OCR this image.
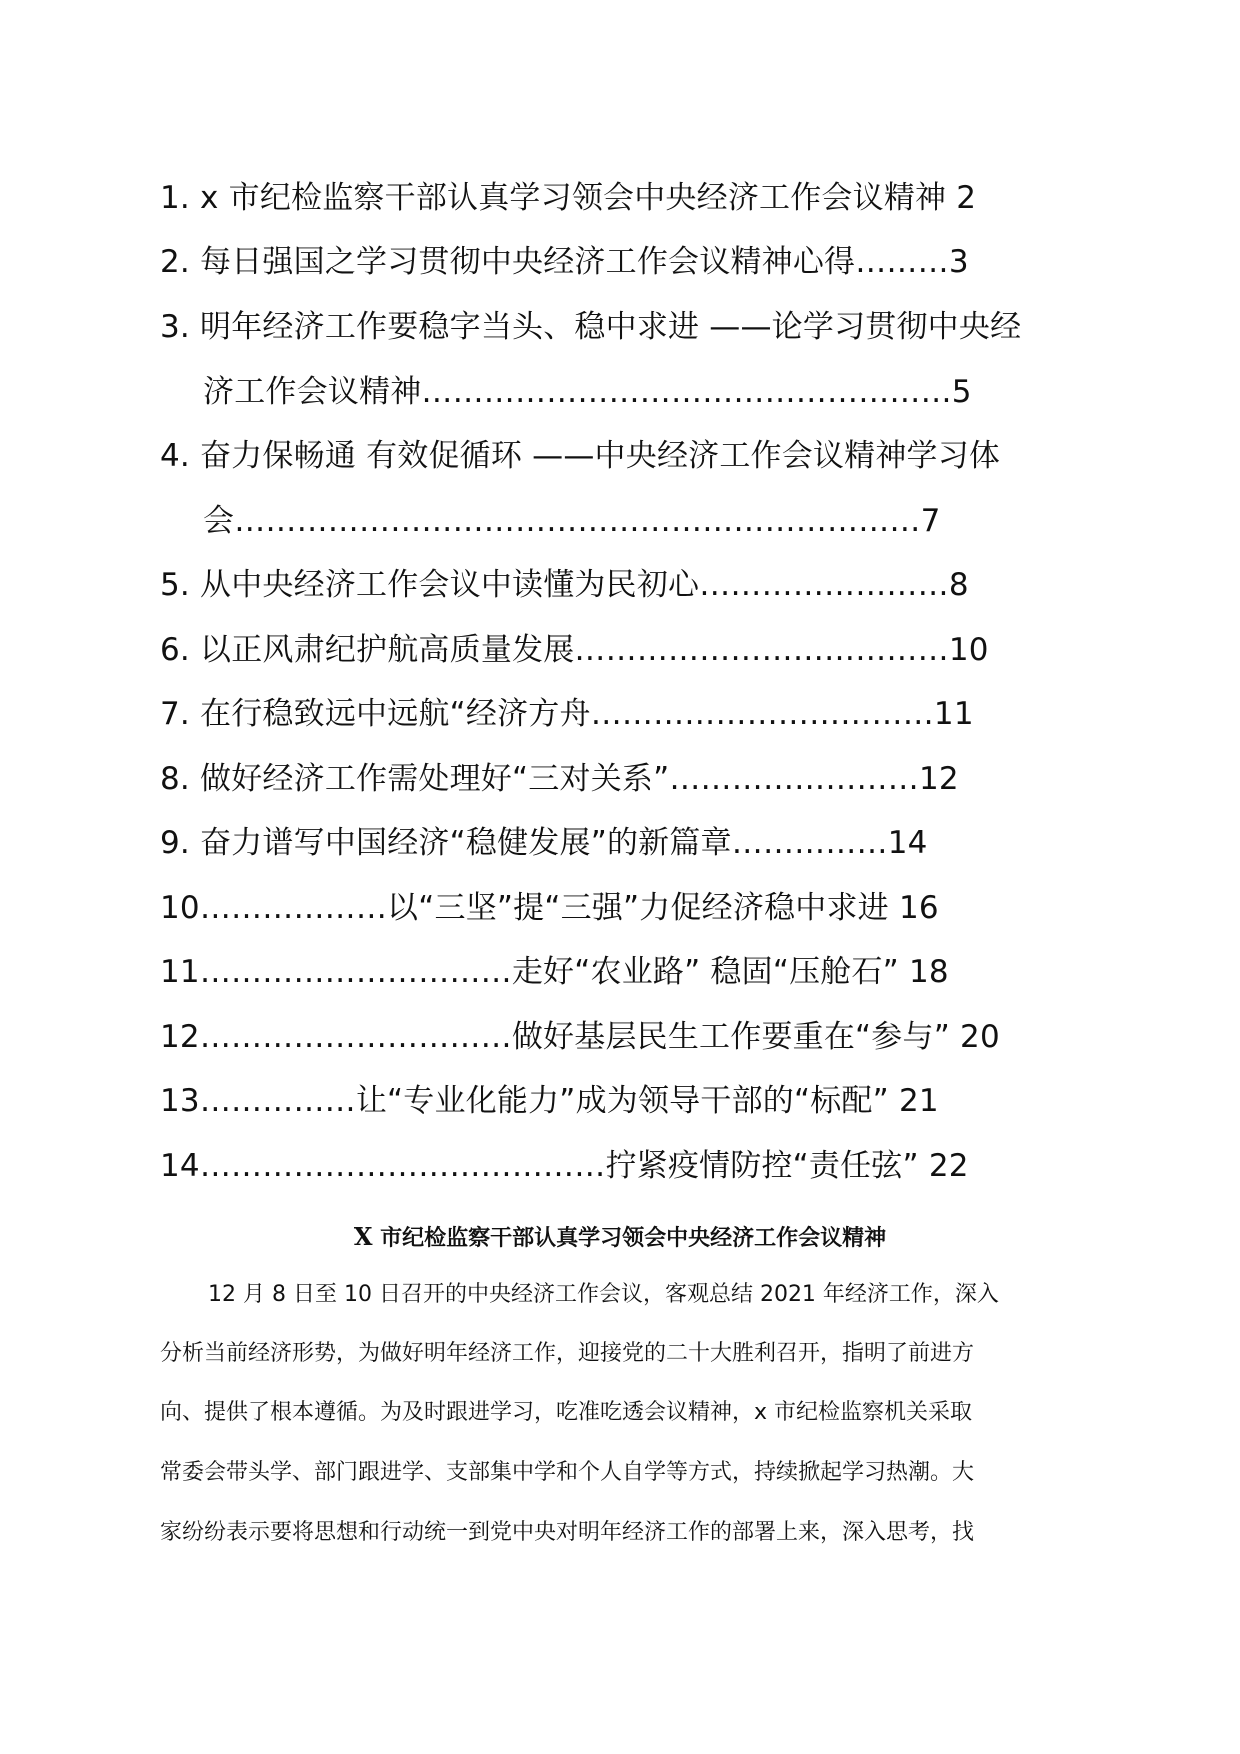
1. x 市纪检监察干部认真学习领会中央经济工作会议精神 2
2. 每日强国之学习贯彻中央经济工作会议精神心得………3
3. 明年经济工作要稳字当头、稳中求进 ——论学习贯彻中央经
济工作会议精神……………………………………………5
4. 奋力保畅通 有效促循环 ——中央经济工作会议精神学习体
会…………………………………………………………7
5. 从中央经济工作会议中读懂为民初心……………………8
6. 以正风肃纪护航高质量发展………………………………10
7. 在行稳致远中远航“经济方舟……………………………11
8. 做好经济工作需处理好“三对关系”……………………12
9. 奋力谱写中国经济“稳健发展”的新篇章……………14
10………………以“三坚”提“三强”力促经济稳中求进 16
11…………………………走好“农业路” 稳固“压舱石” 18
12…………………………做好基层民生工作要重在“参与” 20
13……………让“专业化能力”成为领导干部的“标配” 21
14…………………………………拧紧疫情防控“责任弦” 22
X 市纪检监察干部认真学习领会中央经济工作会议精神
12 月 8 日至 10 日召开的中央经济工作会议，客观总结 2021 年经济工作，深入
分析当前经济形势，为做好明年经济工作，迎接党的二十大胜利召开，指明了前进方
向、提供了根本遵循。为及时跟进学习，吃准吃透会议精神，x 市纪检监察机关采取
常委会带头学、部门跟进学、支部集中学和个人自学等方式，持续掀起学习热潮。大
家纷纷表示要将思想和行动统一到党中央对明年经济工作的部署上来，深入思考，找
